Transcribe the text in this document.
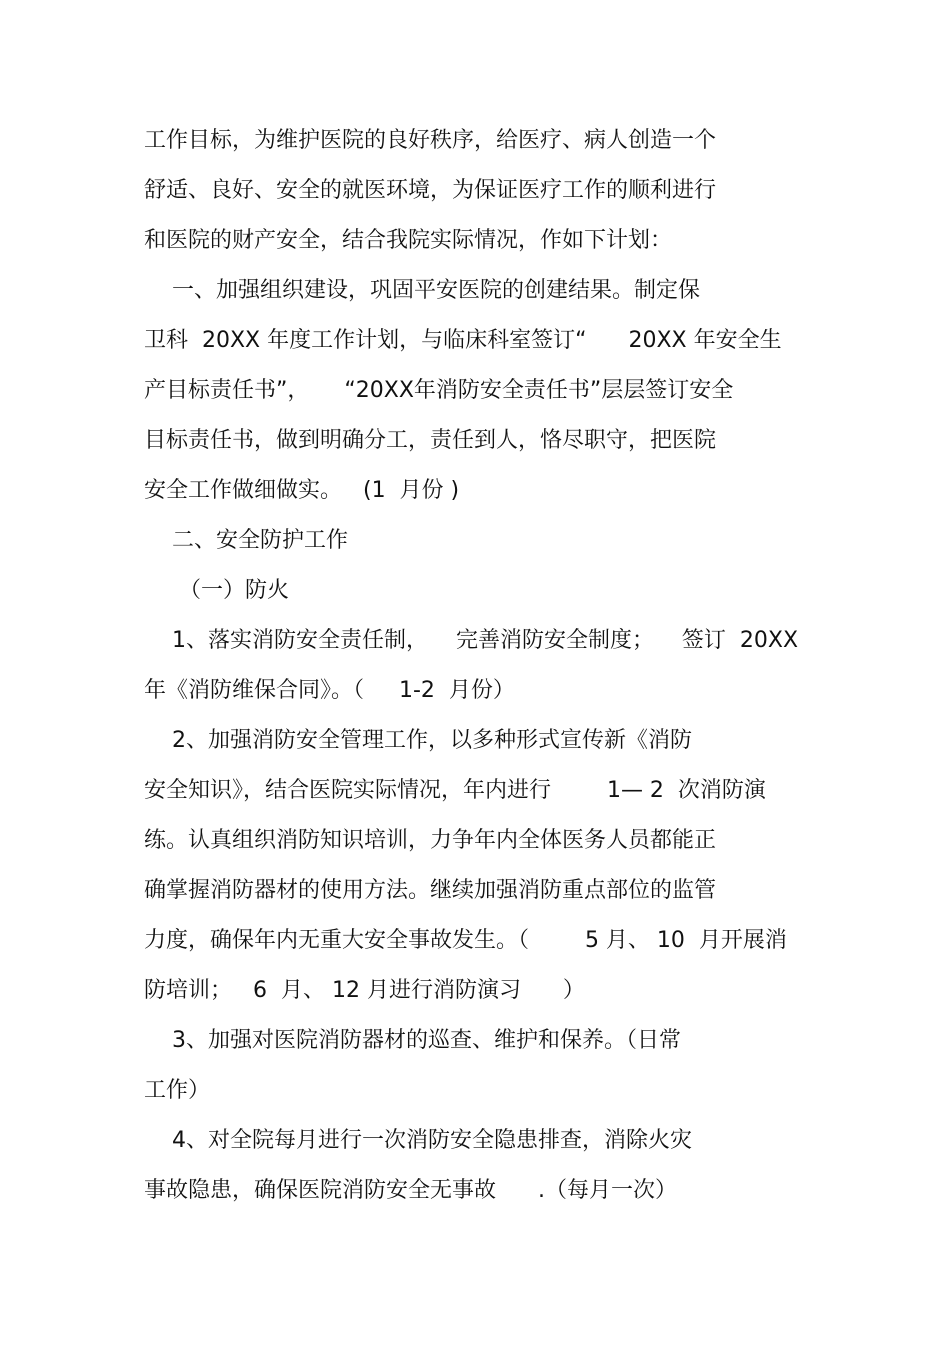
工作目标，为维护医院的良好秩序，给医疗、病人创造一个
舒适、良好、安全的就医环境，为保证医疗工作的顺利进行
和医院的财产安全，结合我院实际情况，作如下计划：
一、加强组织建设，巩固平安医院的创建结果。制定保
卫科  20XX 年度工作计划，与临床科室签订“      20XX 年安全生
产目标责任书”，     “20XX年消防安全责任书”层层签订安全
目标责任书，做到明确分工，责任到人，恪尽职守，把医院
安全工作做细做实。   (1  月份 )
二、安全防护工作
（一）防火
1、落实消防安全责任制，    完善消防安全制度；    签订  20XX
年《消防维保合同》。（     1-2  月份）
2、加强消防安全管理工作，以多种形式宣传新《消防
安全知识》，结合医院实际情况，年内进行        1— 2  次消防演
练。认真组织消防知识培训，力争年内全体医务人员都能正
确掌握消防器材的使用方法。继续加强消防重点部位的监管
力度，确保年内无重大安全事故发生。（        5 月、 10  月开展消
防培训；   6  月、 12 月进行消防演习      ）
3、加强对医院消防器材的巡查、维护和保养。（日常
工作）
4、对全院每月进行一次消防安全隐患排查，消除火灾
事故隐患，确保医院消防安全无事故      .（每月一次）
